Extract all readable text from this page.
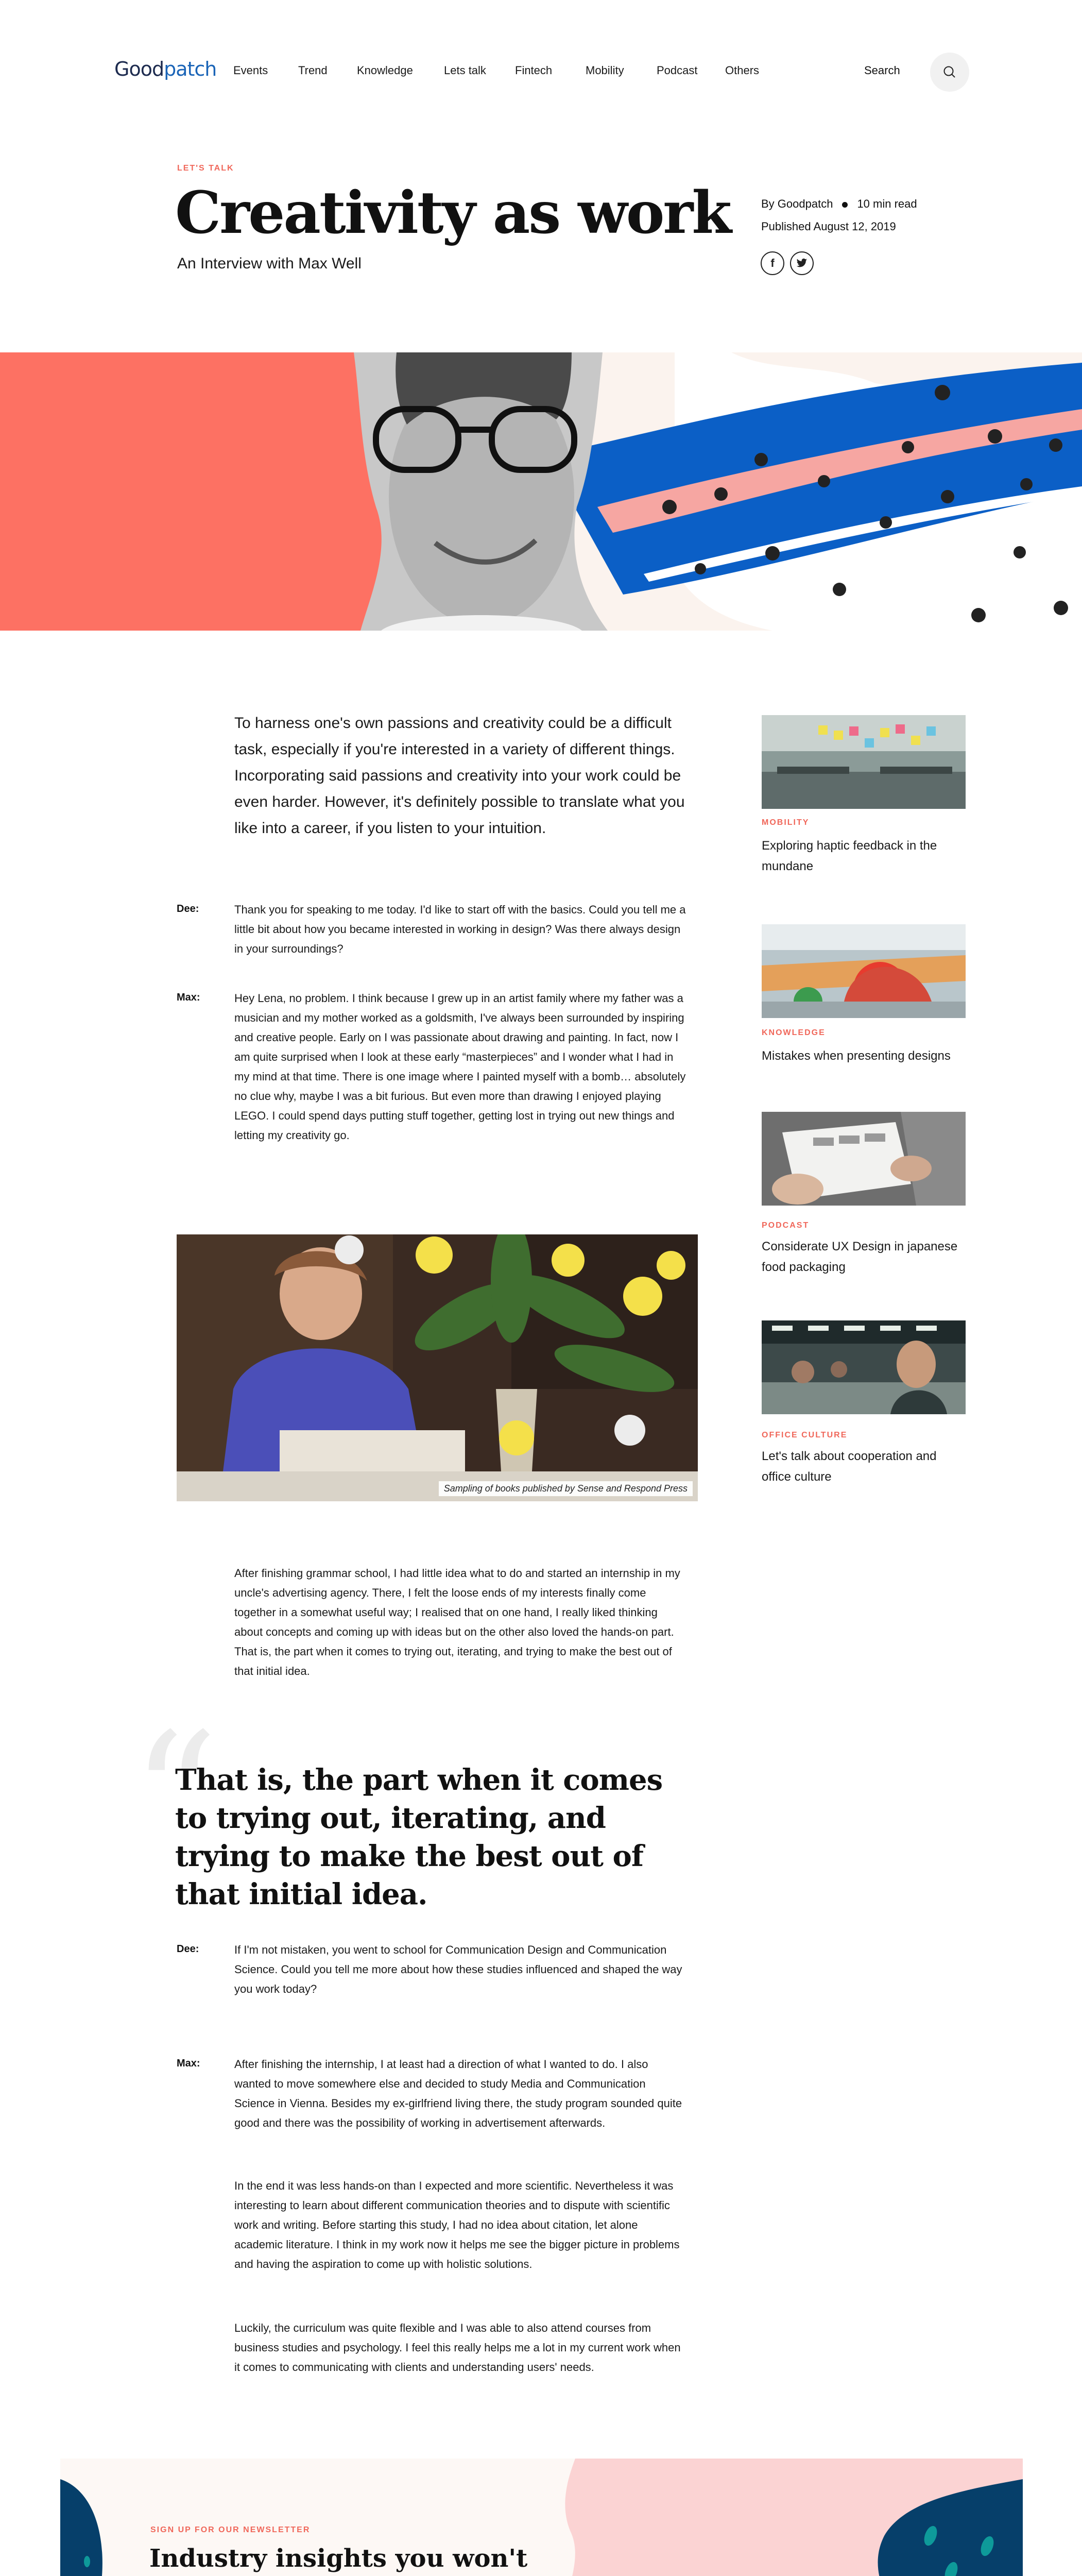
Goodpatch Events	Trend	Knowledge	Lets talk	Fintech	Mobility	Podcast Others	Search
LET'S TALK
Creativity as work
An Interview with Max Well
By Goodpatch 10 min read
Published August 12, 2019
f

To harness one's own passions and creativity could be a difficult task, especially if you're interested in a variety of different things. Incorporating said passions and creativity into your work could be even harder. However, it's definitely possible to translate what you like into a career, if you listen to your intuition.

Dee:	Thank you for speaking to me today. I'd like to start off with the basics. Could you tell me a little bit about how you became interested in working in design? Was there always design in your surroundings?

Max:	Hey Lena, no problem. I think because I grew up in an artist family where my father was a musician and my mother worked as a goldsmith, I've always been surrounded by inspiring and creative people. Early on I was passionate about drawing and painting. In fact, now I am quite surprised when I look at these early “masterpieces” and I wonder what I had in my mind at that time. There is one image where I painted myself with a bomb… absolutely no clue why, maybe I was a bit furious. But even more than drawing I enjoyed playing LEGO. I could spend days putting stuff together, getting lost in trying out new things and letting my creativity go.

Sampling of books published by Sense and Respond Press

After finishing grammar school, I had little idea what to do and started an internship in my uncle's advertising agency. There, I felt the loose ends of my interests finally come together in a somewhat useful way; I realised that on one hand, I really liked thinking about concepts and coming up with ideas but on the other also loved the hands-on part. That is, the part when it comes to trying out, iterating, and trying to make the best out of that initial idea.

“
That is, the part when it comes to trying out, iterating, and trying to make the best out of that initial idea.
Dee:	If I'm not mistaken, you went to school for Communication Design and Communication Science. Could you tell me more about how these studies influenced and shaped the way you work today?

Max:	After finishing the internship, I at least had a direction of what I wanted to do. I also wanted to move somewhere else and decided to study Media and Communication Science in Vienna. Besides my ex-girlfriend living there, the study program sounded quite good and there was the possibility of working in advertisement afterwards.

In the end it was less hands-on than I expected and more scientific. Nevertheless it was interesting to learn about different communication theories and to dispute with scientific work and writing. Before starting this study, I had no idea about citation, let alone academic literature. I think in my work now it helps me see the bigger picture in problems and having the aspiration to come up with holistic solutions.

Luckily, the curriculum was quite flexible and I was able to also attend courses from business studies and psychology. I feel this really helps me a lot in my current work when it comes to communicating with clients and understanding users' needs.

MOBILITY
Exploring haptic feedback in the mundane
KNOWLEDGE
Mistakes when presenting designs
PODCAST
Considerate UX Design in japanese food packaging
OFFICE CULTURE
Let's talk about cooperation and office culture
SIGN UP FOR OUR NEWSLETTER
Industry insights you won't
